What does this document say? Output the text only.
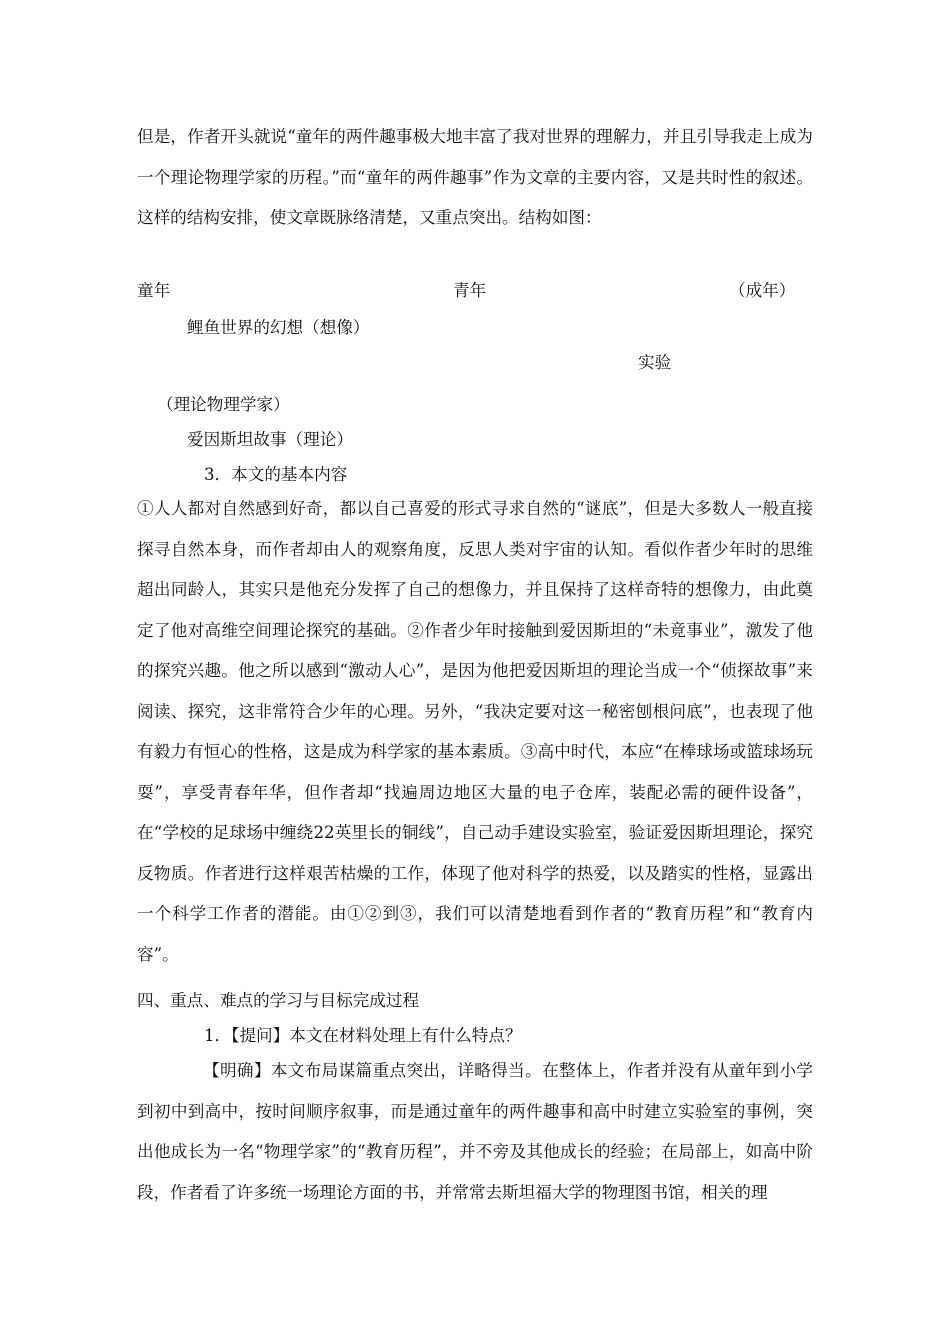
但是，作者开头就说“童年的两件趣事极大地丰富了我对世界的理解力，并且引导我走上成为一个理论物理学家的历程。”而“童年的两件趣事”作为文章的主要内容，又是共时性的叙述。这样的结构安排，使文章既脉络清楚，又重点突出。结构如图：
童年	青年	（成年）
鲤鱼世界的幻想（想像）
实验
（理论物理学家）
爱因斯坦故事（理论）
3．本文的基本内容
①人人都对自然感到好奇，都以自己喜爱的形式寻求自然的“谜底”，但是大多数人一般直接探寻自然本身，而作者却由人的观察角度，反思人类对宇宙的认知。看似作者少年时的思维超出同龄人，其实只是他充分发挥了自己的想像力，并且保持了这样奇特的想像力，由此奠定了他对高维空间理论探究的基础。②作者少年时接触到爱因斯坦的“未竟事业”，激发了他的探究兴趣。他之所以感到“激动人心”，是因为他把爱因斯坦的理论当成一个“侦探故事”来阅读、探究，这非常符合少年的心理。另外，“我决定要对这一秘密刨根问底”，也表现了他有毅力有恒心的性格，这是成为科学家的基本素质。③高中时代，本应“在棒球场或篮球场玩耍”，享受青春年华，但作者却“找遍周边地区大量的电子仓库，装配必需的硬件设备”，在“学校的足球场中缠绕22英里长的铜线”，自己动手建设实验室，验证爱因斯坦理论，探究反物质。作者进行这样艰苦枯燥的工作，体现了他对科学的热爱，以及踏实的性格，显露出一个科学工作者的潜能。由①②到③，我们可以清楚地看到作者的“教育历程”和“教育内容”。
四、重点、难点的学习与目标完成过程
1．【提问】本文在材料处理上有什么特点？
【明确】本文布局谋篇重点突出，详略得当。在整体上，作者并没有从童年到小学到初中到高中，按时间顺序叙事，而是通过童年的两件趣事和高中时建立实验室的事例，突出他成长为一名“物理学家”的“教育历程”，并不旁及其他成长的经验；在局部上，如高中阶段，作者看了许多统一场理论方面的书，并常常去斯坦福大学的物理图书馆，相关的理
